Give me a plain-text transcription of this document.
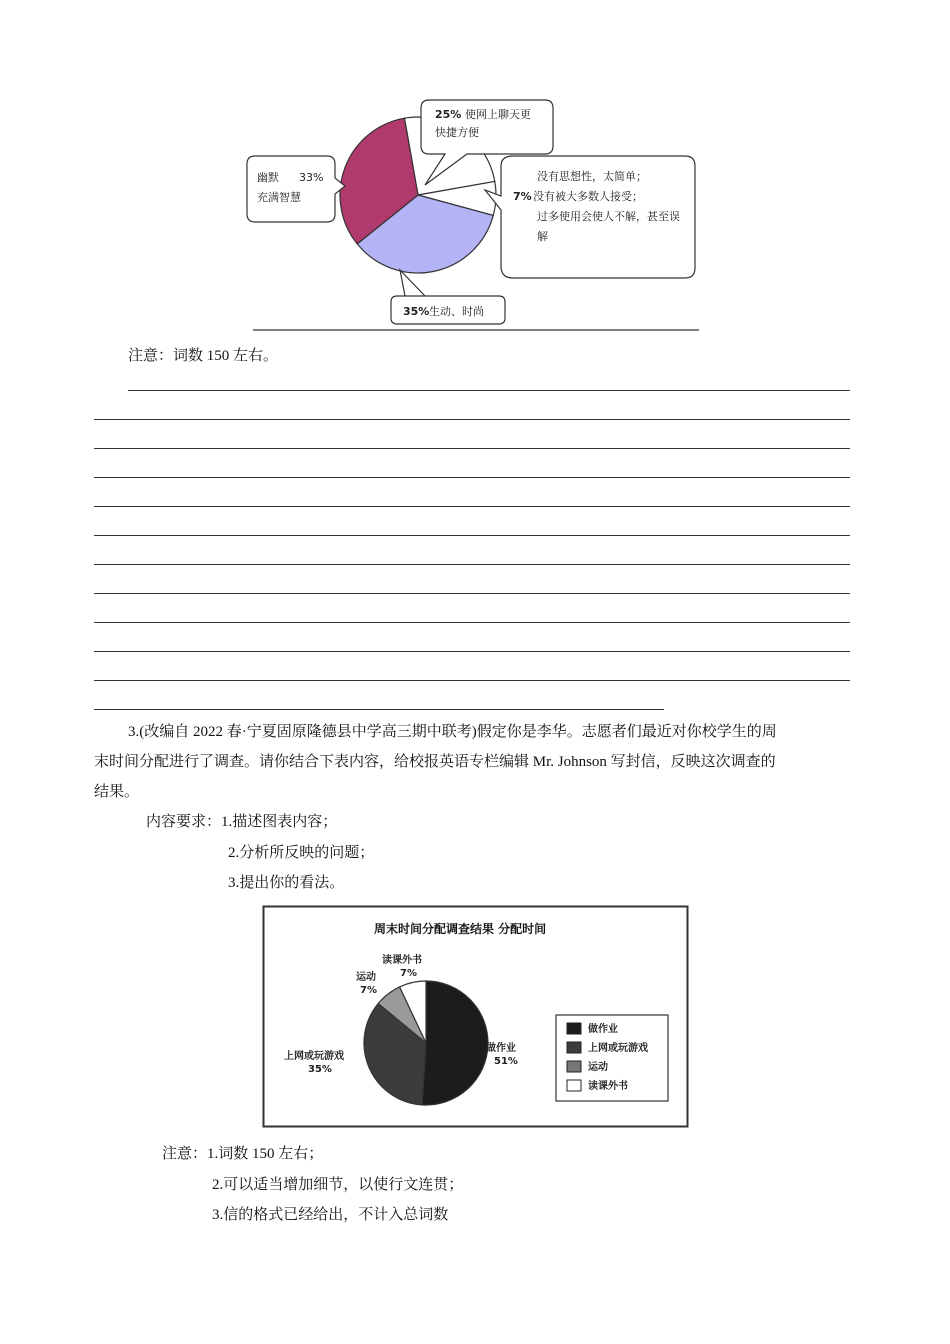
25% 使网上聊天更
快捷方便
没有思想性，太简单；
7% 没有被大多数人接受；
过多使用会使人不解，甚至误
解
35% 生动、时尚
幽默 33%
充满智慧
注意：词数 150 左右。
3.(改编自 2022 春·宁夏固原隆德县中学高三期中联考)假定你是李华。志愿者们最近对你校学生的周
末时间分配进行了调查。请你结合下表内容，给校报英语专栏编辑 Mr. Johnson 写封信，反映这次调查的
结果。
内容要求：1.描述图表内容；
2.分析所反映的问题；
3.提出你的看法。
周末时间分配调查结果 分配时间
读课外书
7%
运动
7%
上网或玩游戏
35%
做作业
51%
做作业
上网或玩游戏
运动
读课外书
注意：1.词数 150 左右；
2.可以适当增加细节，以使行文连贯；
3.信的格式已经给出，不计入总词数
